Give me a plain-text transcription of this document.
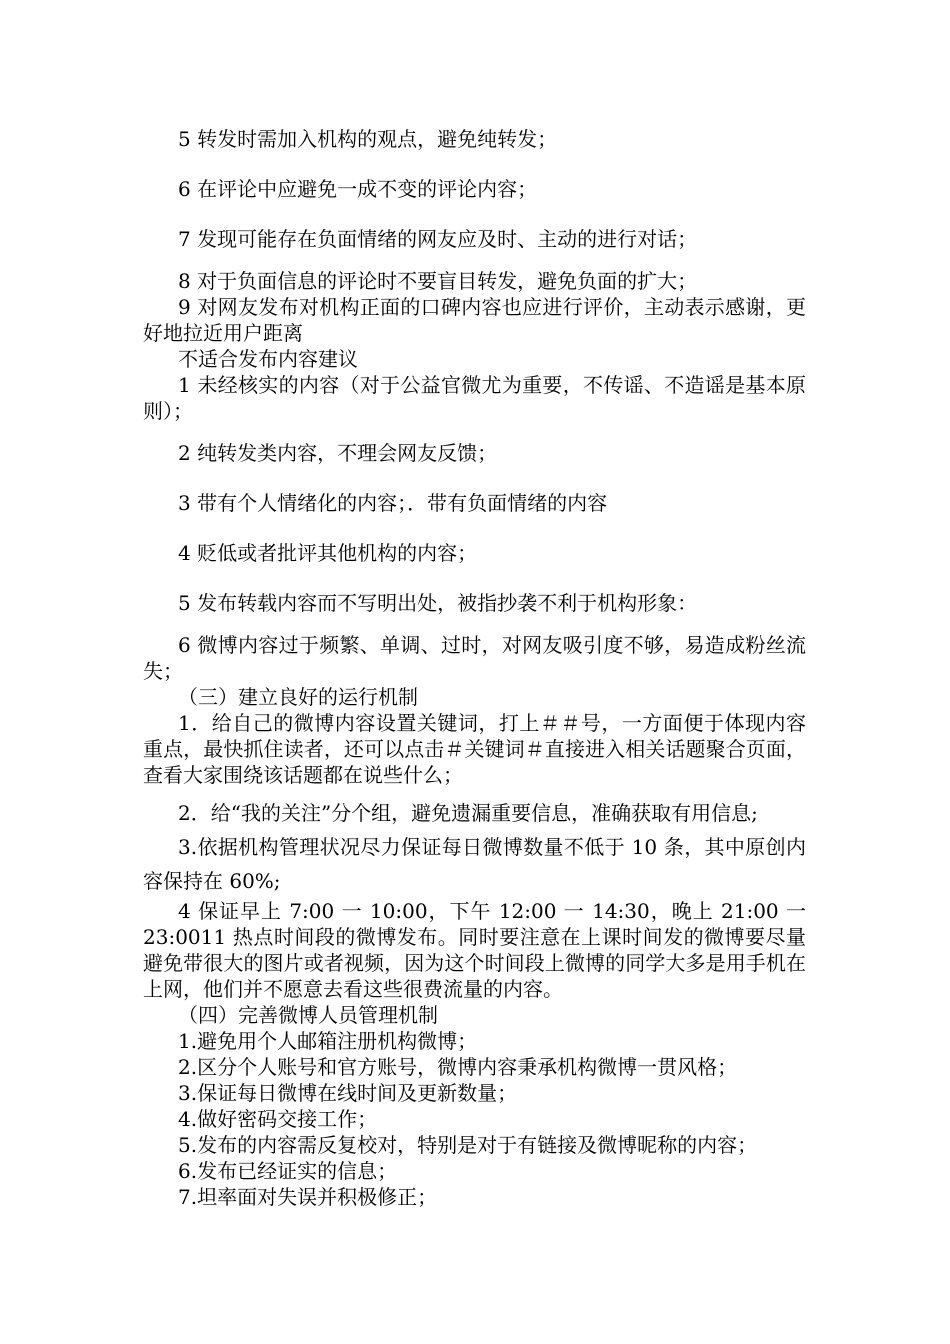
5 转发时需加入机构的观点，避免纯转发；

6 在评论中应避免一成不变的评论内容；

7 发现可能存在负面情绪的网友应及时、主动的进行对话；

8 对于负面信息的评论时不要盲目转发，避免负面的扩大；

9 对网友发布对机构正面的口碑内容也应进行评价，主动表示感谢，更好地拉近用户距离

不适合发布内容建议

1 未经核实的内容（对于公益官微尤为重要，不传谣、不造谣是基本原则）；

2 纯转发类内容，不理会网友反馈；

3 带有个人情绪化的内容；．带有负面情绪的内容

4 贬低或者批评其他机构的内容；

5 发布转载内容而不写明出处，被指抄袭不利于机构形象：

6 微博内容过于频繁、单调、过时，对网友吸引度不够，易造成粉丝流失；

（三）建立良好的运行机制

1．给自己的微博内容设置关键词，打上＃＃号，一方面便于体现内容重点，最快抓住读者，还可以点击＃关键词＃直接进入相关话题聚合页面，查看大家围绕该话题都在说些什么；

2．给“我的关注”分个组，避免遗漏重要信息，准确获取有用信息;

3.依据机构管理状况尽力保证每日微博数量不低于 10 条，其中原创内容保持在 60%;

4 保证早上 7:00 一 10:00，下午 12:00 一 14:30，晚上 21:00 一 23:0011 热点时间段的微博发布。同时要注意在上课时间发的微博要尽量避免带很大的图片或者视频，因为这个时间段上微博的同学大多是用手机在上网，他们并不愿意去看这些很费流量的内容。

（四）完善微博人员管理机制

1.避免用个人邮箱注册机构微博；

2.区分个人账号和官方账号，微博内容秉承机构微博一贯风格；

3.保证每日微博在线时间及更新数量；

4.做好密码交接工作；

5.发布的内容需反复校对，特别是对于有链接及微博昵称的内容；

6.发布已经证实的信息；

7.坦率面对失误并积极修正；
